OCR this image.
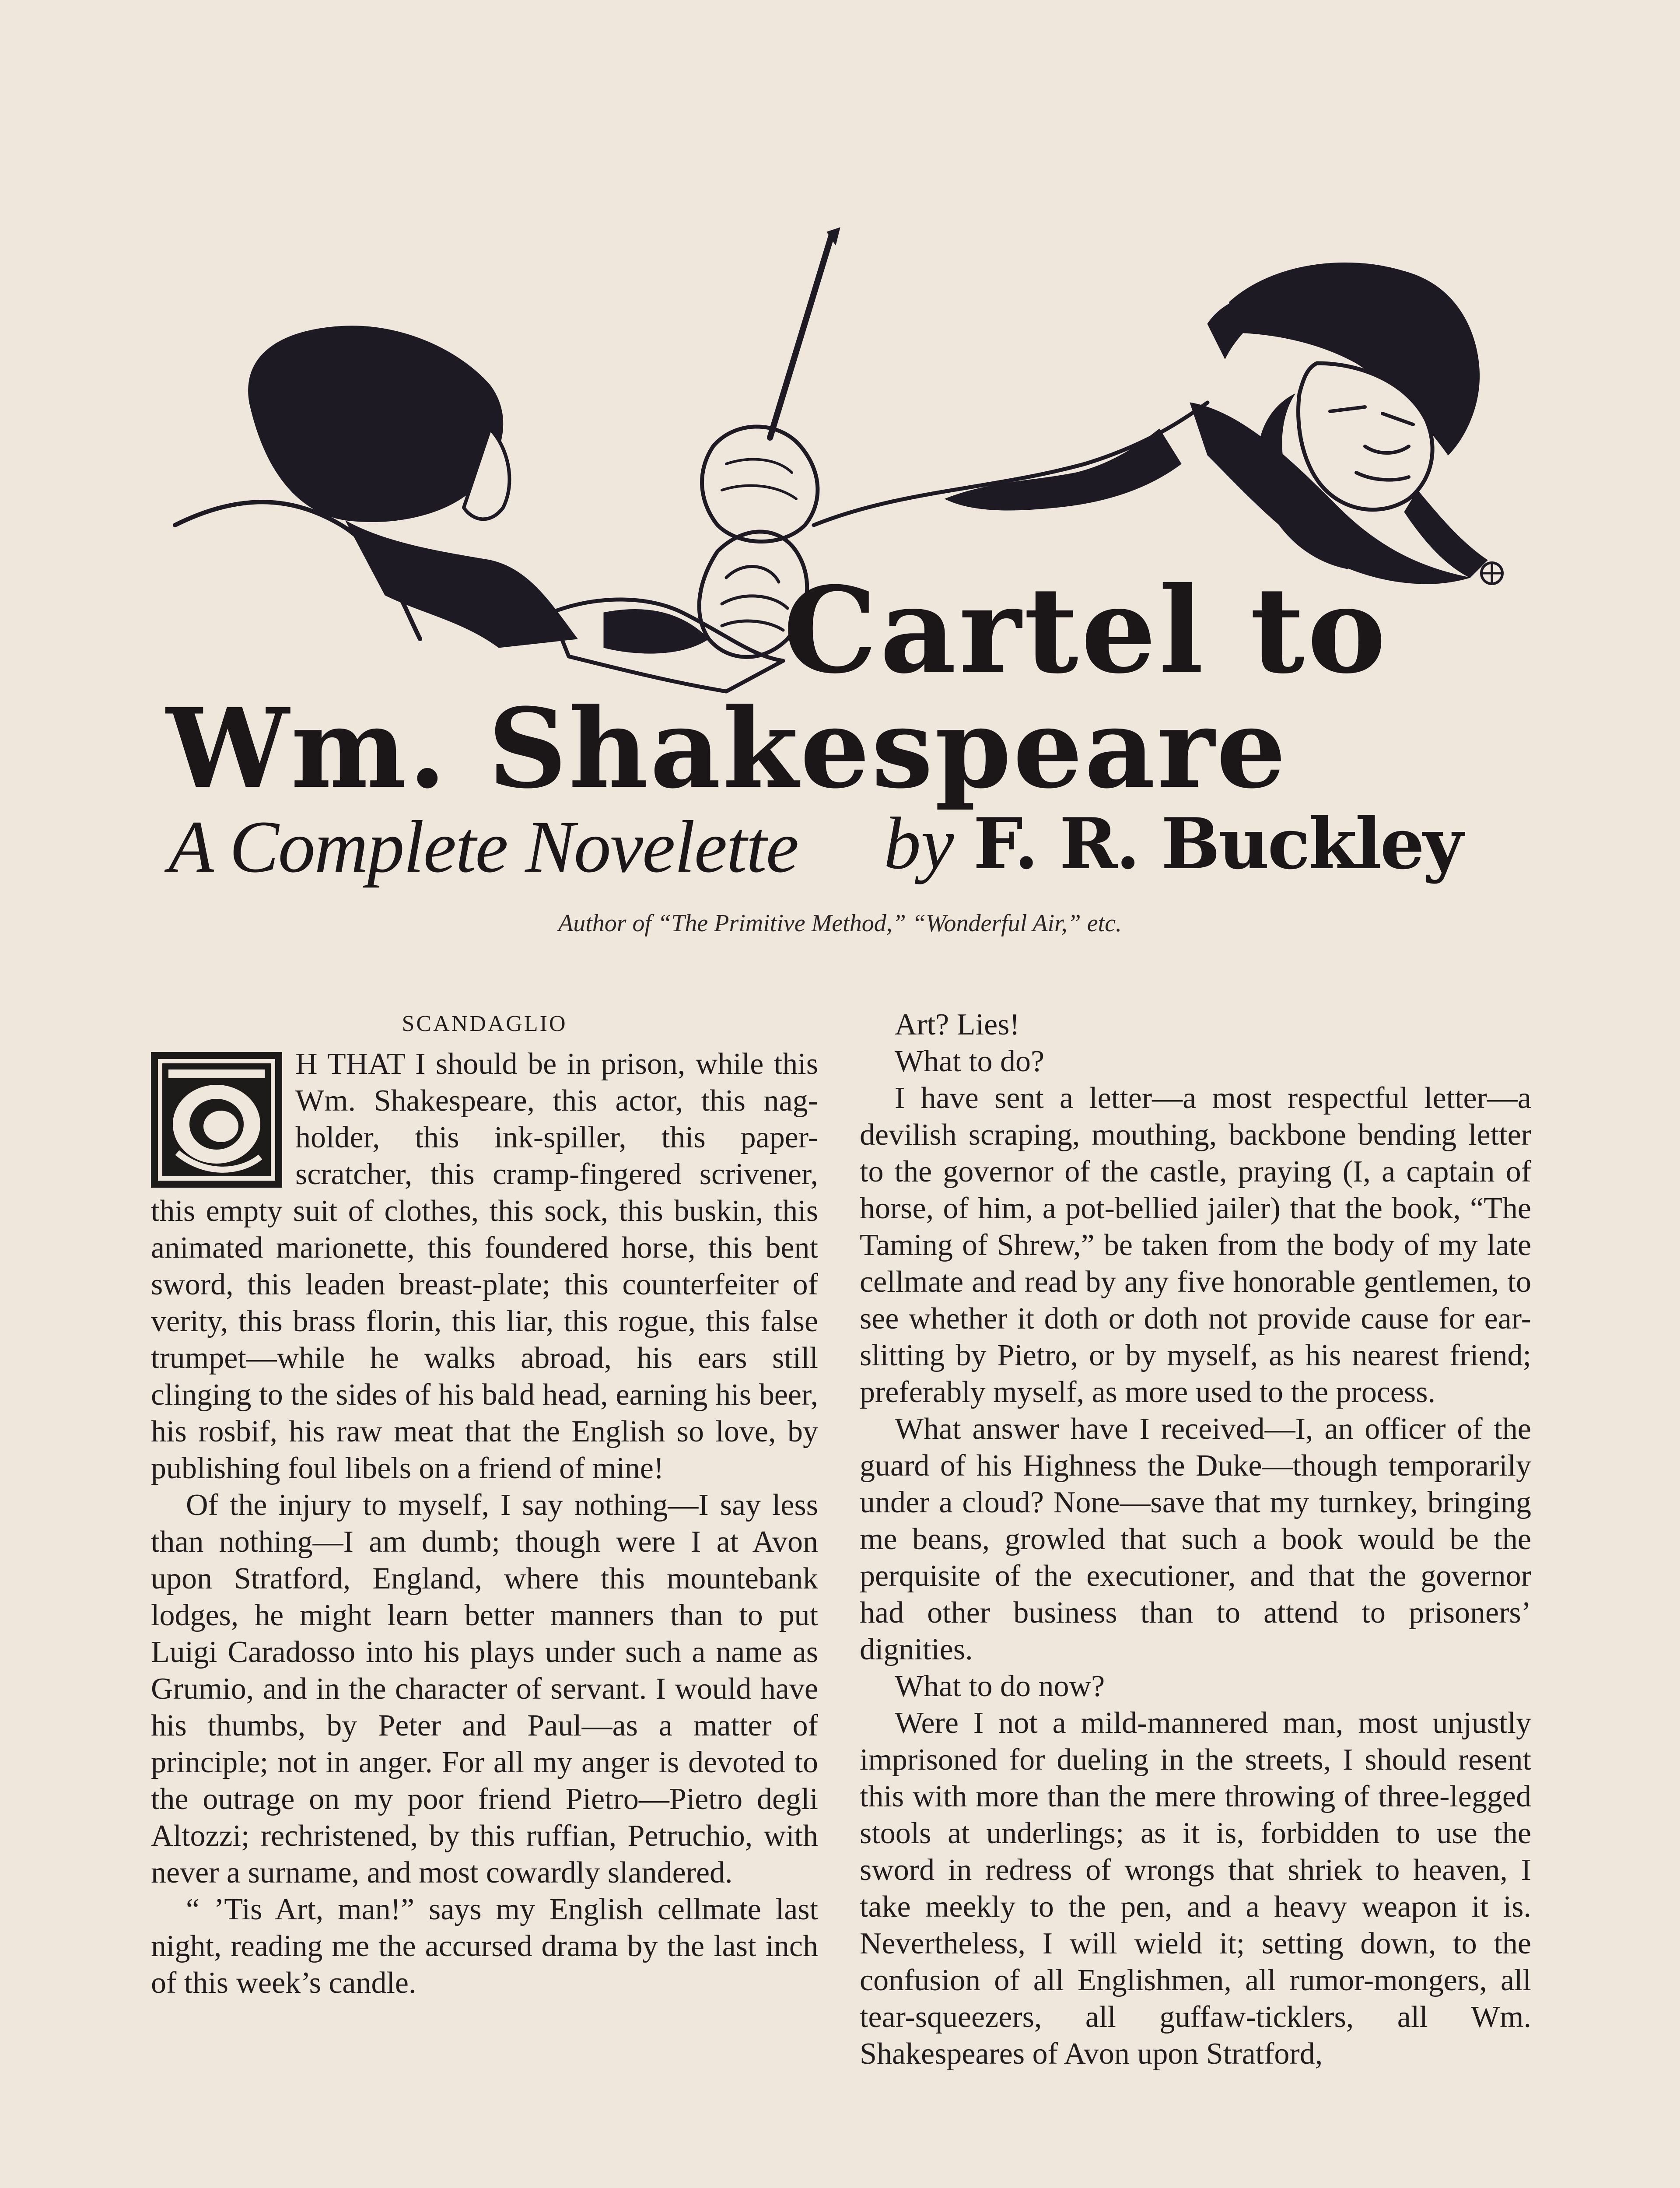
Cartel to
Wm. Shakespeare
A Complete Novelette	by F. R. Buckley
Author of “The Primitive Method,” “Wonderful Air,” etc.
SCANDAGLIO

H THAT I should be in prison, while this Wm. Shakespeare, this actor, this nag-holder, this ink-spiller, this paper-scratcher, this cramp-fingered scrivener, this empty suit of clothes, this sock, this buskin, this animated marionette, this foundered horse, this bent sword, this leaden breast-plate; this counterfeiter of verity, this brass florin, this liar, this rogue, this false trumpet—while he walks abroad, his ears still clinging to the sides of his bald head, earning his beer, his rosbif, his raw meat that the English so love, by publishing foul libels on a friend of mine!

Of the injury to myself, I say nothing—I say less than nothing—I am dumb; though were I at Avon upon Stratford, England, where this mountebank lodges, he might learn better manners than to put Luigi Caradosso into his plays under such a name as Grumio, and in the character of servant. I would have his thumbs, by Peter and Paul—as a matter of principle; not in anger. For all my anger is devoted to the outrage on my poor friend Pietro—Pietro degli Altozzi; rechristened, by this ruffian, Petruchio, with never a surname, and most cowardly slandered.

“ ’Tis Art, man!” says my English cellmate last night, reading me the accursed drama by the last inch of this week’s candle.

Art? Lies!

What to do?

I have sent a letter—a most respectful letter—a devilish scraping, mouthing, backbone bending letter to the governor of the castle, praying (I, a captain of horse, of him, a pot-bellied jailer) that the book, “The Taming of Shrew,” be taken from the body of my late cellmate and read by any five honorable gentlemen, to see whether it doth or doth not provide cause for ear-slitting by Pietro, or by myself, as his nearest friend; preferably myself, as more used to the process.

What answer have I received—I, an officer of the guard of his Highness the Duke—though temporarily under a cloud? None—save that my turnkey, bringing me beans, growled that such a book would be the perquisite of the executioner, and that the governor had other business than to attend to prisoners’ dignities.

What to do now?

Were I not a mild-mannered man, most unjustly imprisoned for dueling in the streets, I should resent this with more than the mere throwing of three-legged stools at underlings; as it is, forbidden to use the sword in redress of wrongs that shriek to heaven, I take meekly to the pen, and a heavy weapon it is. Nevertheless, I will wield it; setting down, to the confusion of all Englishmen, all rumor-mongers, all tear-squeezers, all guffaw-ticklers, all Wm. Shakespeares of Avon upon Stratford,
